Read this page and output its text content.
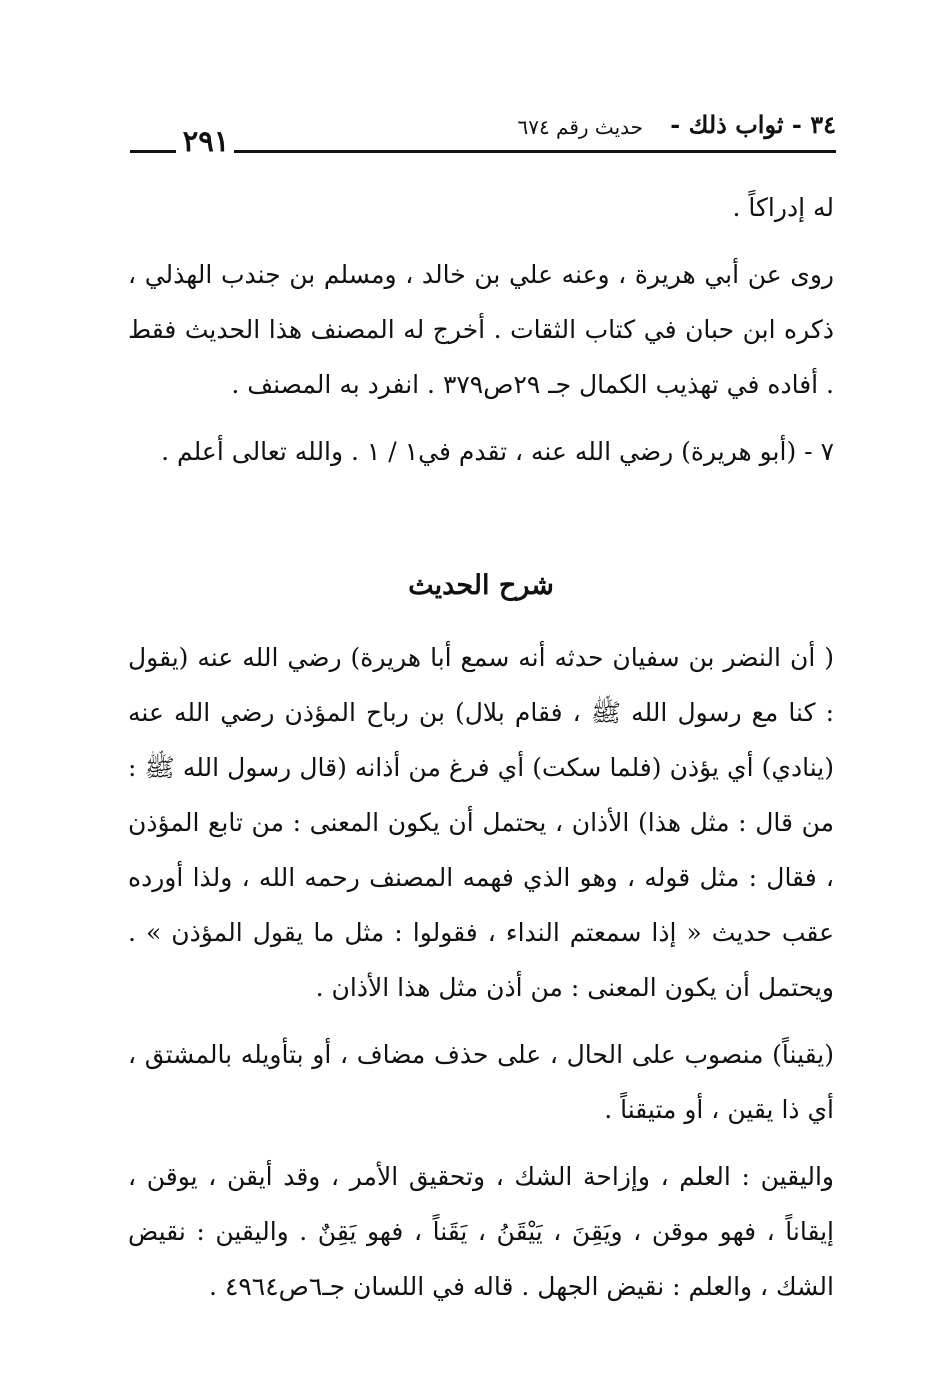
٣٤ - ثواب ذلك -
حديث رقم ٦٧٤
٢٩١

له إدراكاً .

روى عن أبي هريرة ، وعنه علي بن خالد ، ومسلم بن جندب الهذلي ، ذكره ابن حبان في كتاب الثقات . أخرج له المصنف هذا الحديث فقط . أفاده في تهذيب الكمال جـ ٢٩ص٣٧٩ . انفرد به المصنف .

٧ - (أبو هريرة) رضي الله عنه ، تقدم في١ / ١ . والله تعالى أعلم .

شرح الحديث

( أن النضر بن سفيان حدثه أنه سمع أبا هريرة) رضي الله عنه (يقول : كنا مع رسول الله ﷺ ، فقام بلال) بن رباح المؤذن رضي الله عنه (ينادي) أي يؤذن (فلما سكت) أي فرغ من أذانه (قال رسول الله ﷺ : من قال : مثل هذا) الأذان ، يحتمل أن يكون المعنى : من تابع المؤذن ، فقال : مثل قوله ، وهو الذي فهمه المصنف رحمه الله ، ولذا أورده عقب حديث « إذا سمعتم النداء ، فقولوا : مثل ما يقول المؤذن » . ويحتمل أن يكون المعنى : من أذن مثل هذا الأذان .

(يقيناً) منصوب على الحال ، على حذف مضاف ، أو بتأويله بالمشتق ، أي ذا يقين ، أو متيقناً .

واليقين : العلم ، وإزاحة الشك ، وتحقيق الأمر ، وقد أيقن ، يوقن ، إيقاناً ، فهو موقن ، ويَقِنَ ، يَيْقَنُ ، يَقَناً ، فهو يَقِنٌ . واليقين : نقيض الشك ، والعلم : نقيض الجهل . قاله في اللسان جـ٦ص٤٩٦٤ .
